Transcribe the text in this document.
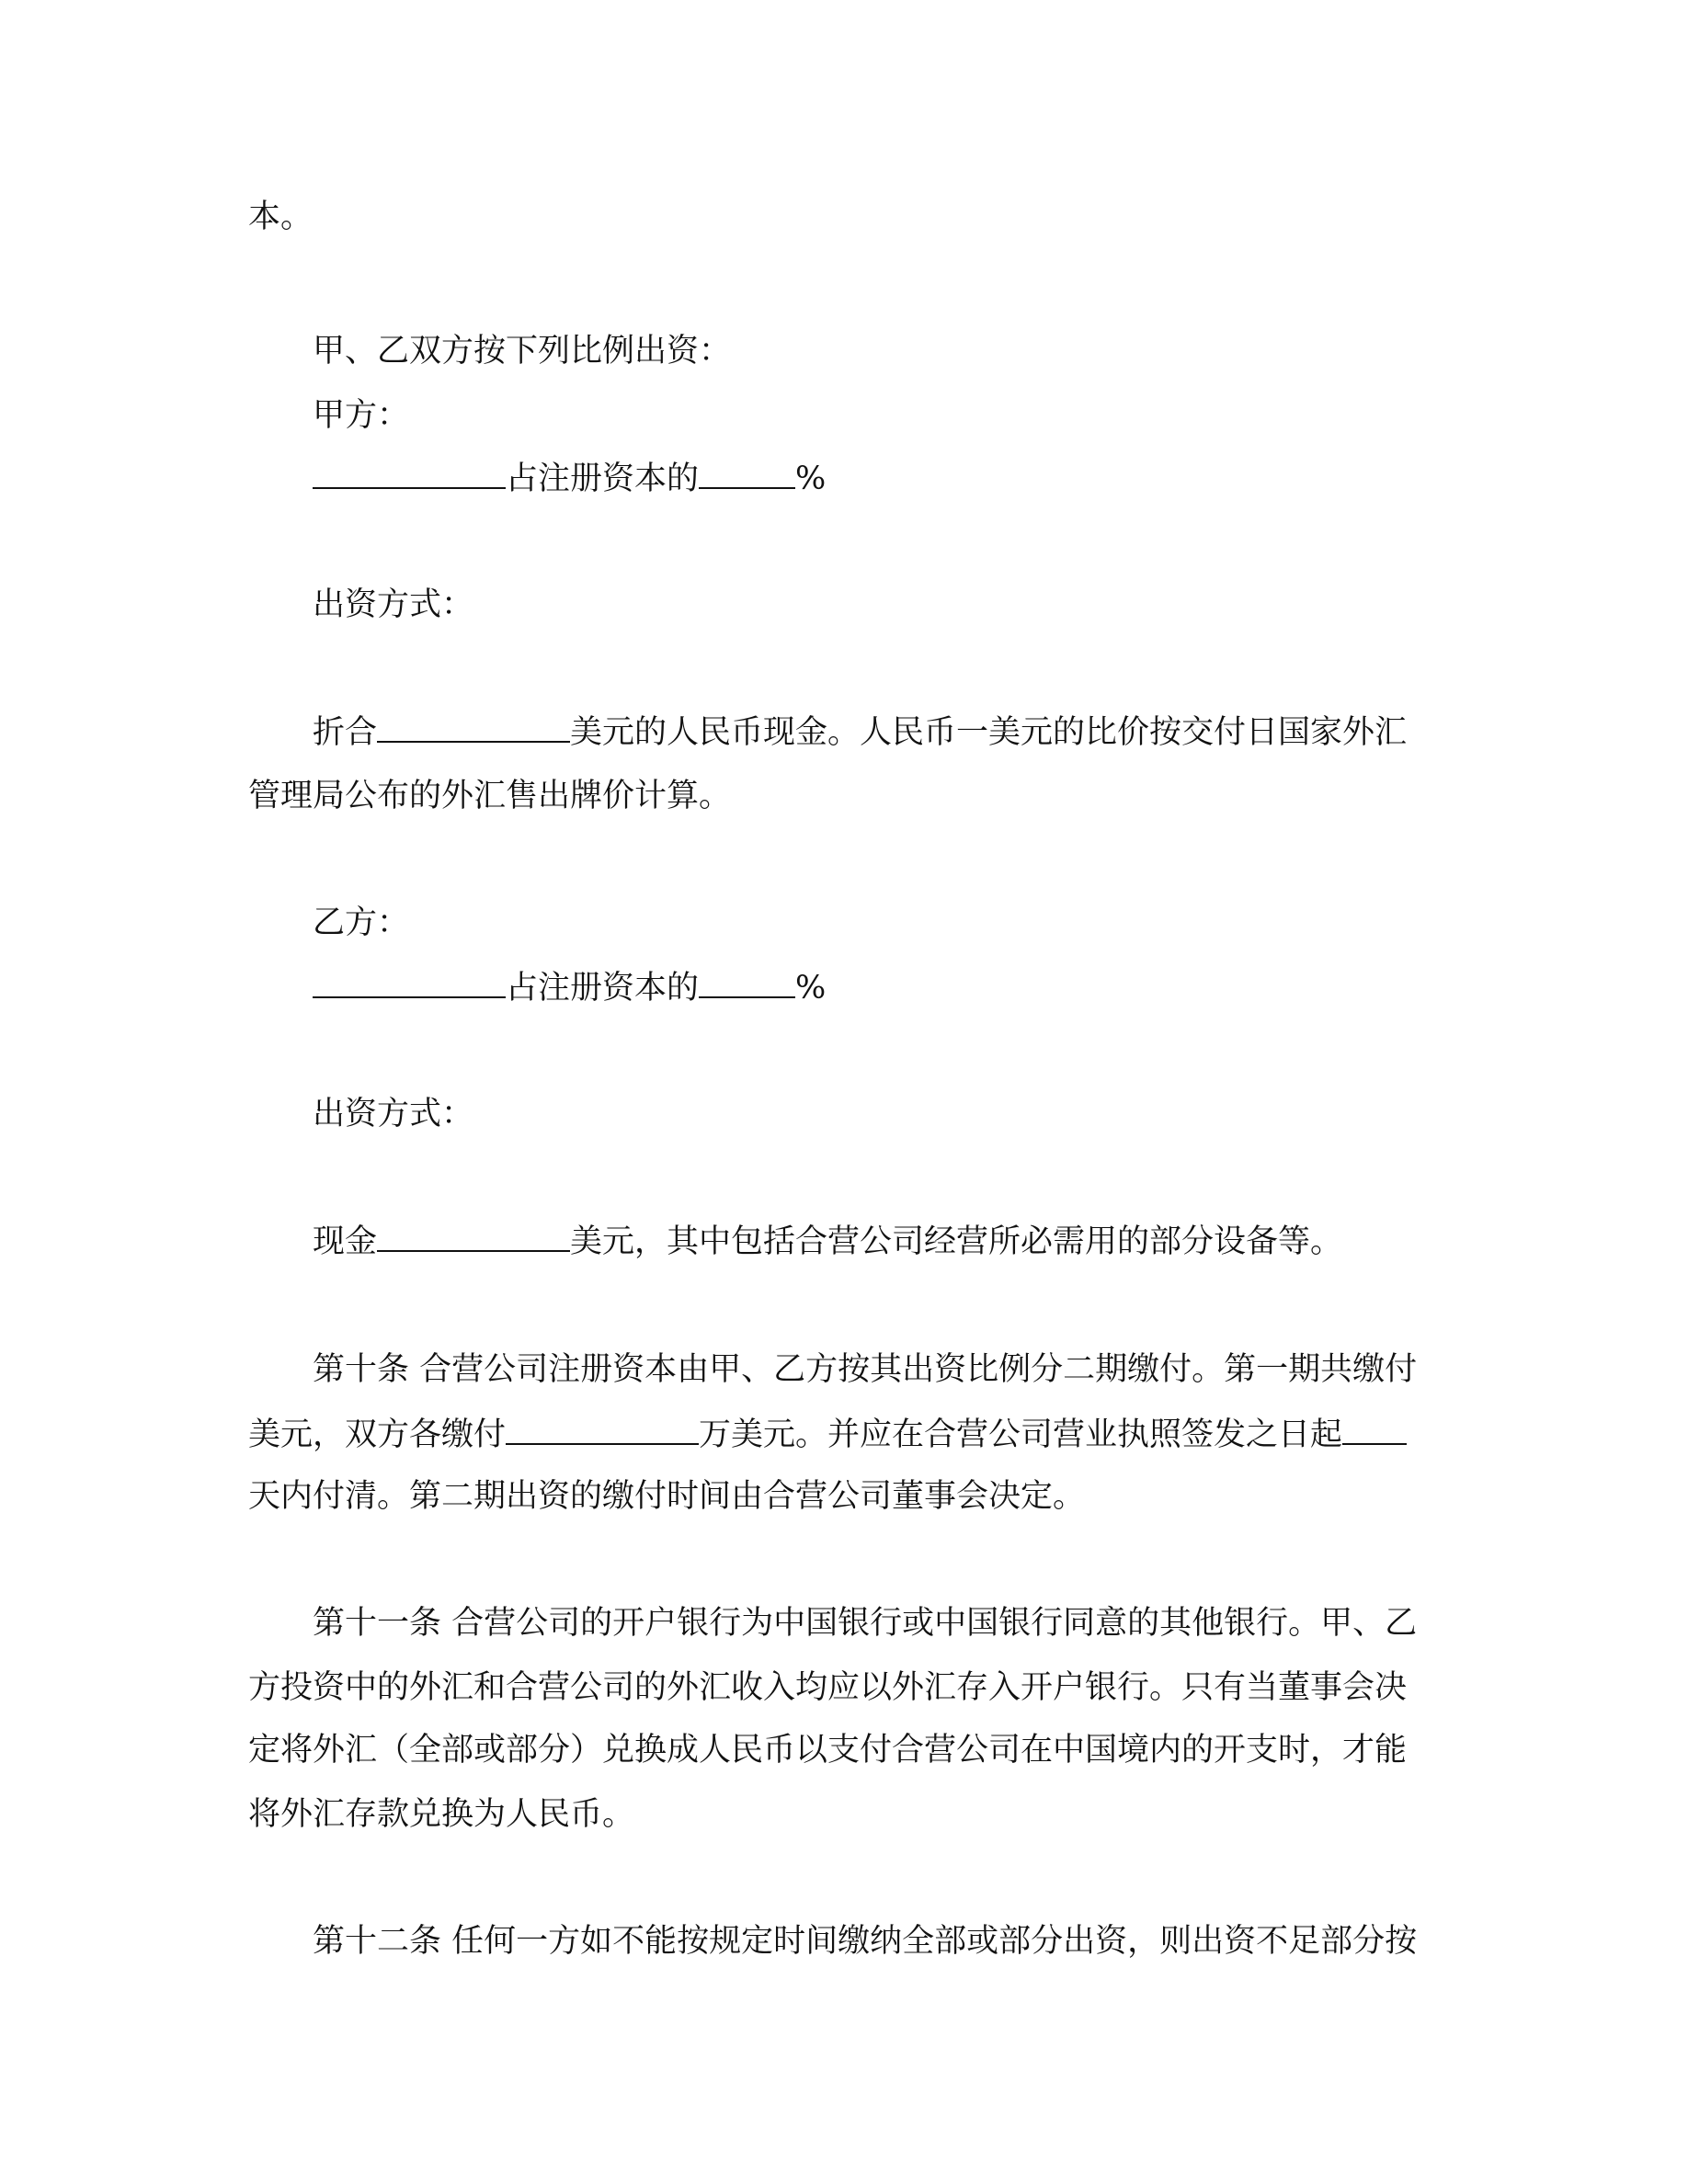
本。
甲、乙双方按下列比例出资：
甲方：
占注册资本的	%
出资方式：
折合	美元的人民币现金。人民币一美元的比价按交付日国家外汇
管理局公布的外汇售出牌价计算。
乙方：
占注册资本的	%
出资方式：
现金	美元，其中包括合营公司经营所必需用的部分设备等。
第十条 合营公司注册资本由甲、乙方按其出资比例分二期缴付。第一期共缴付
美元，双方各缴付	万美元。并应在合营公司营业执照签发之日起
天内付清。第二期出资的缴付时间由合营公司董事会决定。
第十一条 合营公司的开户银行为中国银行或中国银行同意的其他银行。甲、乙
方投资中的外汇和合营公司的外汇收入均应以外汇存入开户银行。只有当董事会决
定将外汇（全部或部分）兑换成人民币以支付合营公司在中国境内的开支时，才能
将外汇存款兑换为人民币。
第十二条 任何一方如不能按规定时间缴纳全部或部分出资，则出资不足部分按
